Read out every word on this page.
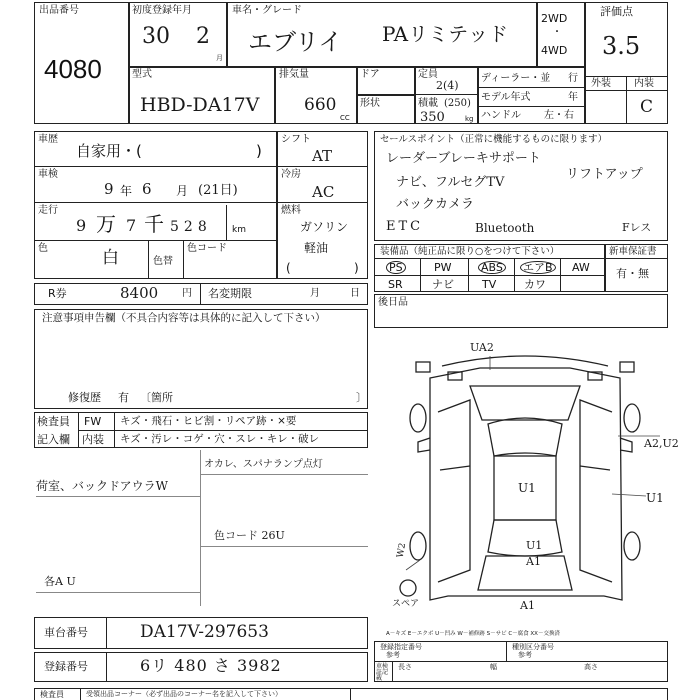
出品番号
4080
初度登録年月
30 2
月
車名・グレード
エブリイ PAリミテッド
2WD
・
4WD
評価点
3.5
型式
HBD-DA17V
排気量
660
CC
ドア
形状
定員
2(4)
積載 (250)
350	kg
ディーラー・並 行
モデル年式	年
ハンドル 左・右
外装 内装
C
車歴
自家用・(	)
車検
9 年 6 月 (21日)
走行
9 万 7 千 528 km
色	白	色替
色コード
シフト
AT
冷房
AC
燃料
ガソリン
軽油
(	)
R券	8400 円 名変期限	月	日
セールスポイント（正常に機能するものに限ります）
レーダーブレーキサポート
ナビ、フルセグTV
リフトアップ
バックカメラ
ETC	Bluetooth	Fレス
装備品（純正品に限り○をつけて下さい）	新車保証書
有・無
PS	PW	ABS エアB AW
SR	ナビ	TV	カワ
後日品
注意事項申告欄（不具合内容等は具体的に記入して下さい）
修復歴 有 〔箇所	〕
検査員
記入欄
FW キズ・飛石・ヒビ割・リペア跡・×要
内装 キズ・汚レ・コゲ・穴・スレ・キレ・破レ
オカレ、スパナランプ点灯
荷室、バックドアウラW
色コード 26U
各A U
UA2
A2,U2
U1
U1
U1
A1
A1
W2
スペア
A－キズ E－エクボ U－凹み W－補修跡 S－サビ C－腐食 XX－交換済
車台番号	DA17V-297653
登録番号	6リ 480 さ 3982
登録指定番号
参考
種別区分番号
参考
車検証記載
長さ	幅	高さ
検査員	受領出品コーナー（必ず出品のコーナー名を記入して下さい）
